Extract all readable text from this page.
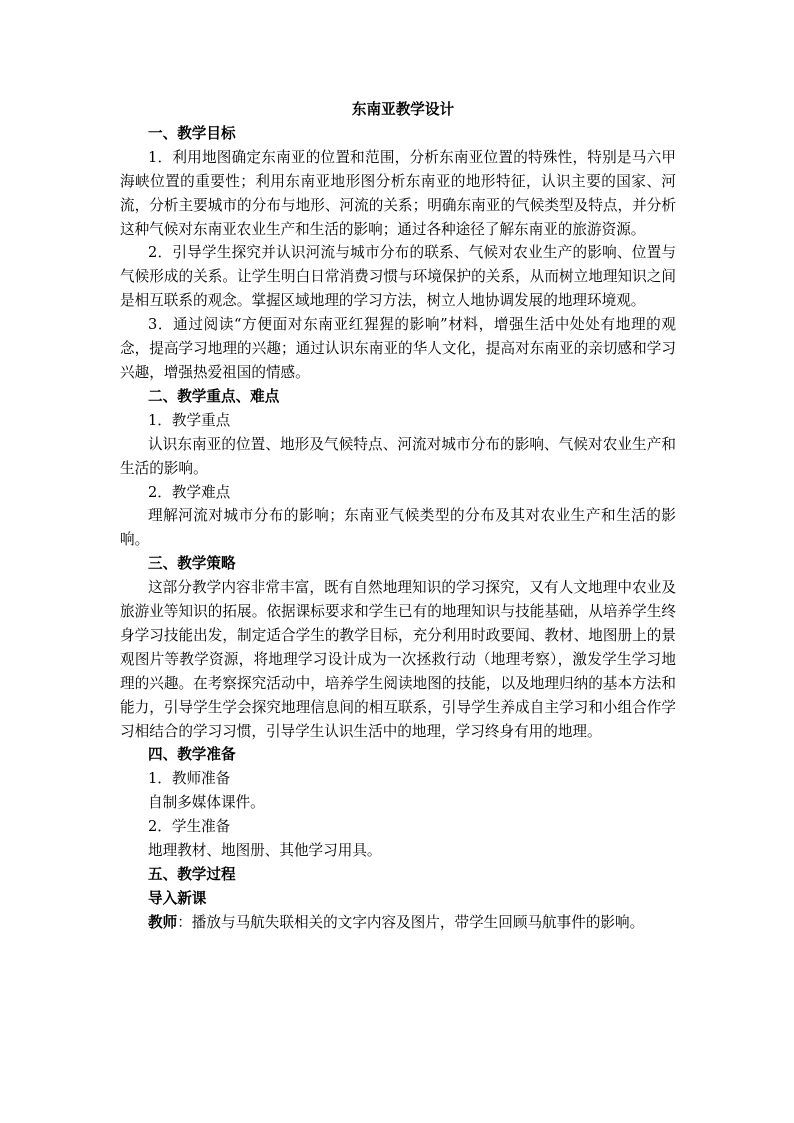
东南亚教学设计

一、教学目标

1．利用地图确定东南亚的位置和范围，分析东南亚位置的特殊性，特别是马六甲海峡位置的重要性；利用东南亚地形图分析东南亚的地形特征，认识主要的国家、河流，分析主要城市的分布与地形、河流的关系；明确东南亚的气候类型及特点，并分析这种气候对东南亚农业生产和生活的影响；通过各种途径了解东南亚的旅游资源。

2．引导学生探究并认识河流与城市分布的联系、气候对农业生产的影响、位置与气候形成的关系。让学生明白日常消费习惯与环境保护的关系，从而树立地理知识之间是相互联系的观念。掌握区域地理的学习方法，树立人地协调发展的地理环境观。

3．通过阅读“方便面对东南亚红猩猩的影响”材料，增强生活中处处有地理的观念，提高学习地理的兴趣；通过认识东南亚的华人文化，提高对东南亚的亲切感和学习兴趣，增强热爱祖国的情感。

二、教学重点、难点

1．教学重点

认识东南亚的位置、地形及气候特点、河流对城市分布的影响、气候对农业生产和生活的影响。

2．教学难点

理解河流对城市分布的影响；东南亚气候类型的分布及其对农业生产和生活的影响。

三、教学策略

这部分教学内容非常丰富，既有自然地理知识的学习探究，又有人文地理中农业及旅游业等知识的拓展。依据课标要求和学生已有的地理知识与技能基础，从培养学生终身学习技能出发，制定适合学生的教学目标，充分利用时政要闻、教材、地图册上的景观图片等教学资源，将地理学习设计成为一次拯救行动（地理考察），激发学生学习地理的兴趣。在考察探究活动中，培养学生阅读地图的技能，以及地理归纳的基本方法和能力，引导学生学会探究地理信息间的相互联系，引导学生养成自主学习和小组合作学习相结合的学习习惯，引导学生认识生活中的地理，学习终身有用的地理。

四、教学准备

1．教师准备

自制多媒体课件。

2．学生准备

地理教材、地图册、其他学习用具。

五、教学过程

导入新课

教师：播放与马航失联相关的文字内容及图片，带学生回顾马航事件的影响。
